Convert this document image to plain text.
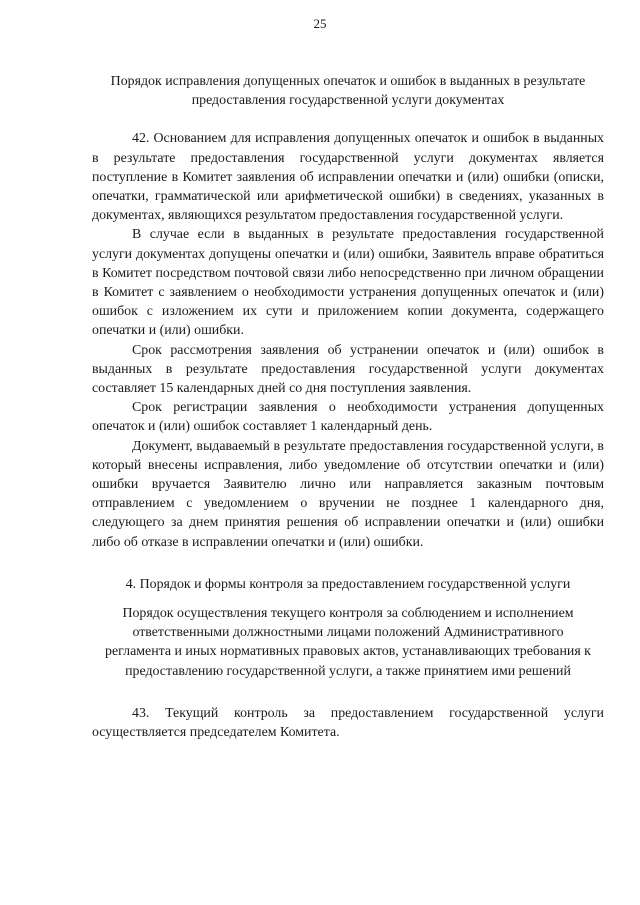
25

Порядок исправления допущенных опечаток и ошибок в выданных в результате предоставления государственной услуги документах

42. Основанием для исправления допущенных опечаток и ошибок в выданных в результате предоставления государственной услуги документах является поступление в Комитет заявления об исправлении опечатки и (или) ошибки (описки, опечатки, грамматической или арифметической ошибки) в сведениях, указанных в документах, являющихся результатом предоставления государственной услуги.

В случае если в выданных в результате предоставления государственной услуги документах допущены опечатки и (или) ошибки, Заявитель вправе обратиться в Комитет посредством почтовой связи либо непосредственно при личном обращении в Комитет с заявлением о необходимости устранения допущенных опечаток и (или) ошибок с изложением их сути и приложением копии документа, содержащего опечатки и (или) ошибки.

Срок рассмотрения заявления об устранении опечаток и (или) ошибок в выданных в результате предоставления государственной услуги документах составляет 15 календарных дней со дня поступления заявления.

Срок регистрации заявления о необходимости устранения допущенных опечаток и (или) ошибок составляет 1 календарный день.

Документ, выдаваемый в результате предоставления государственной услуги, в который внесены исправления, либо уведомление об отсутствии опечатки и (или) ошибки вручается Заявителю лично или направляется заказным почтовым отправлением с уведомлением о вручении не позднее 1 календарного дня, следующего за днем принятия решения об исправлении опечатки и (или) ошибки либо об отказе в исправлении опечатки и (или) ошибки.

4. Порядок и формы контроля за предоставлением государственной услуги

Порядок осуществления текущего контроля за соблюдением и исполнением ответственными должностными лицами положений Административного регламента и иных нормативных правовых актов, устанавливающих требования к предоставлению государственной услуги, а также принятием ими решений

43. Текущий контроль за предоставлением государственной услуги осуществляется председателем Комитета.
